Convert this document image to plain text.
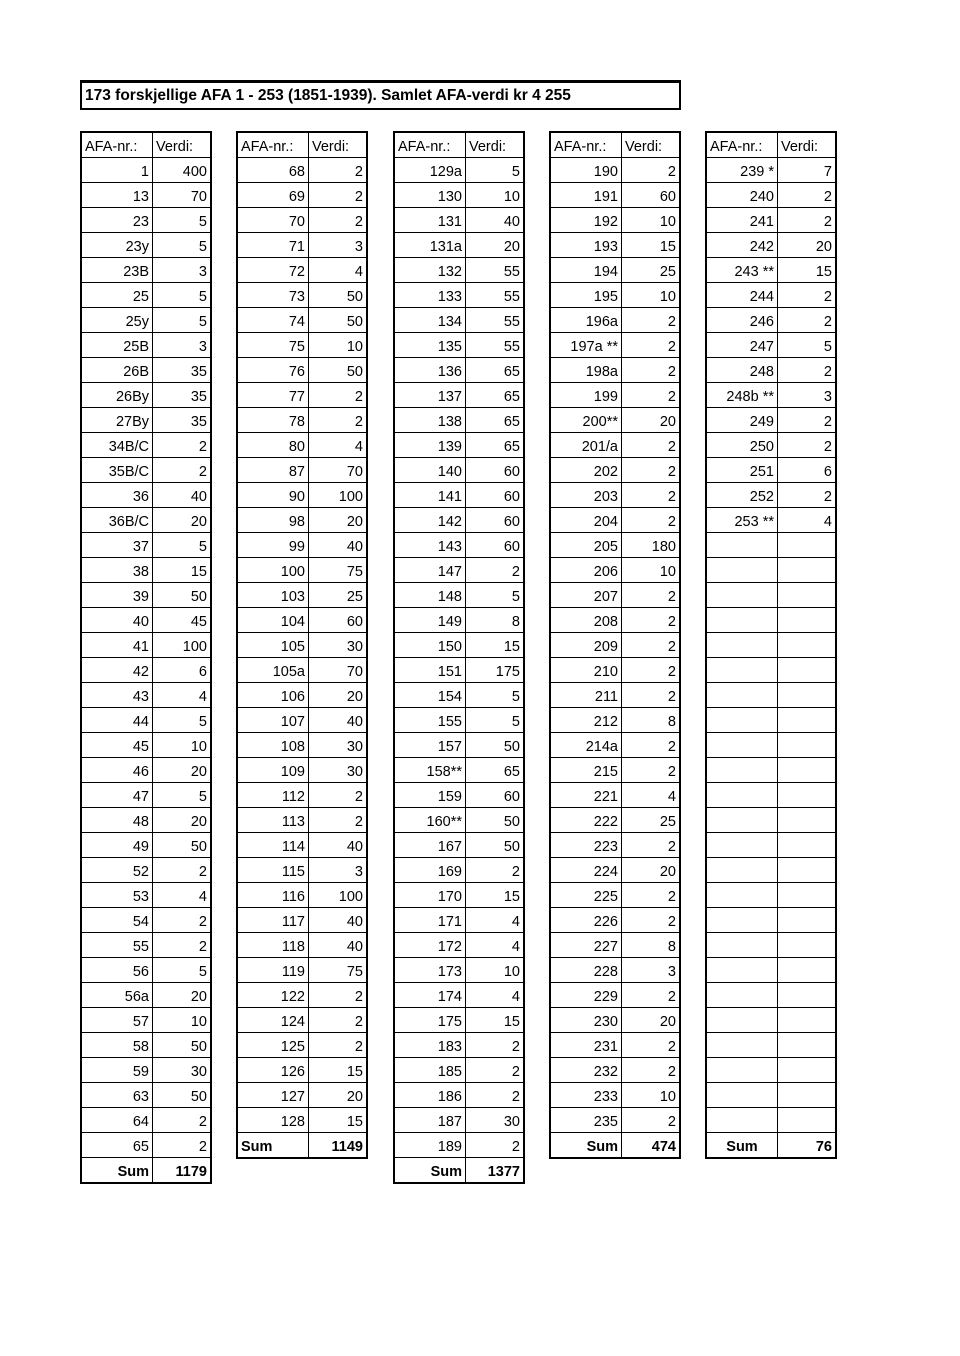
173 forskjellige AFA 1 - 253 (1851-1939). Samlet AFA-verdi kr 4 255
AFA-nr.:	Verdi:
1	400
13	70
23	5
23y	5
23B	3
25	5
25y	5
25B	3
26B	35
26By	35
27By	35
34B/C	2
35B/C	2
36	40
36B/C	20
37	5
38	15
39	50
40	45
41	100
42	6
43	4
44	5
45	10
46	20
47	5
48	20
49	50
52	2
53	4
54	2
55	2
56	5
56a	20
57	10
58	50
59	30
63	50
64	2
65	2
Sum	1179
AFA-nr.:	Verdi:
68	2
69	2
70	2
71	3
72	4
73	50
74	50
75	10
76	50
77	2
78	2
80	4
87	70
90	100
98	20
99	40
100	75
103	25
104	60
105	30
105a	70
106	20
107	40
108	30
109	30
112	2
113	2
114	40
115	3
116	100
117	40
118	40
119	75
122	2
124	2
125	2
126	15
127	20
128	15
Sum	1149
AFA-nr.:	Verdi:
129a	5
130	10
131	40
131a	20
132	55
133	55
134	55
135	55
136	65
137	65
138	65
139	65
140	60
141	60
142	60
143	60
147	2
148	5
149	8
150	15
151	175
154	5
155	5
157	50
158**	65
159	60
160**	50
167	50
169	2
170	15
171	4
172	4
173	10
174	4
175	15
183	2
185	2
186	2
187	30
189	2
Sum	1377
AFA-nr.:	Verdi:
190	2
191	60
192	10
193	15
194	25
195	10
196a	2
197a **	2
198a	2
199	2
200**	20
201/a	2
202	2
203	2
204	2
205	180
206	10
207	2
208	2
209	2
210	2
211	2
212	8
214a	2
215	2
221	4
222	25
223	2
224	20
225	2
226	2
227	8
228	3
229	2
230	20
231	2
232	2
233	10
235	2
Sum	474
AFA-nr.:	Verdi:
239 *	7
240	2
241	2
242	20
243 **	15
244	2
246	2
247	5
248	2
248b **	3
249	2
250	2
251	6
252	2
253 **	4

Sum	76
